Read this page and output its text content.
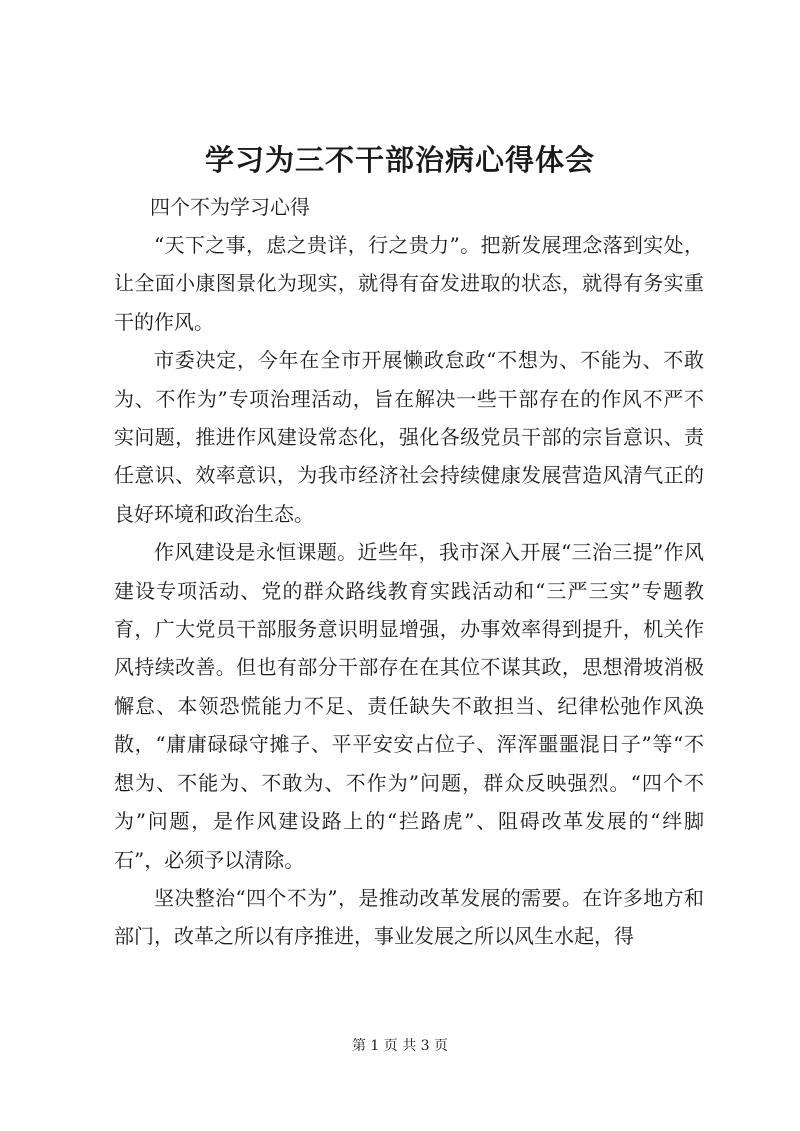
学习为三不干部治病心得体会

四个不为学习心得

“天下之事，虑之贵详，行之贵力”。把新发展理念落到实处，让全面小康图景化为现实，就得有奋发进取的状态，就得有务实重干的作风。

市委决定，今年在全市开展懒政怠政“不想为、不能为、不敢为、不作为”专项治理活动，旨在解决一些干部存在的作风不严不实问题，推进作风建设常态化，强化各级党员干部的宗旨意识、责任意识、效率意识，为我市经济社会持续健康发展营造风清气正的良好环境和政治生态。

作风建设是永恒课题。近些年，我市深入开展“三治三提”作风建设专项活动、党的群众路线教育实践活动和“三严三实”专题教育，广大党员干部服务意识明显增强，办事效率得到提升，机关作风持续改善。但也有部分干部存在在其位不谋其政，思想滑坡消极懈怠、本领恐慌能力不足、责任缺失不敢担当、纪律松弛作风涣散，“庸庸碌碌守摊子、平平安安占位子、浑浑噩噩混日子”等“不想为、不能为、不敢为、不作为”问题，群众反映强烈。“四个不为”问题，是作风建设路上的“拦路虎”、阻碍改革发展的“绊脚石”，必须予以清除。

坚决整治“四个不为”，是推动改革发展的需要。在许多地方和部门，改革之所以有序推进，事业发展之所以风生水起，得

第 1 页 共 3 页
